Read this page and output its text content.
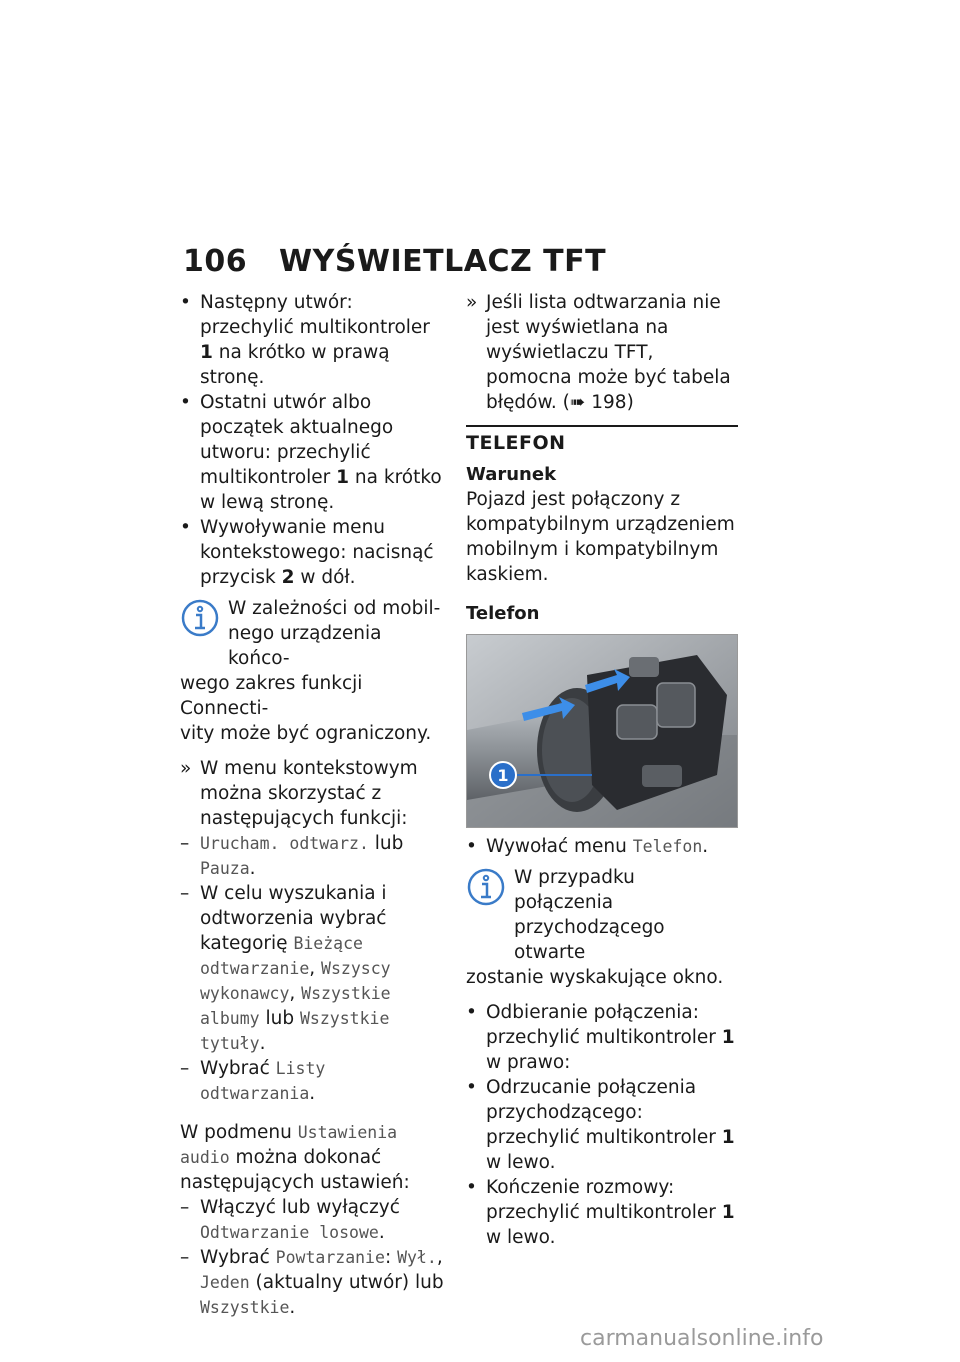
106 WYŚWIETLACZ TFT

• Następny utwór: przechylić multikontroler 1 na krótko w prawą stronę.

• Ostatni utwór albo początek aktualnego utworu: przechylić multikontroler 1 na krótko w lewą stronę.

• Wywoływanie menu kontekstowego: nacisnąć przycisk 2 w dół.

W zależności od mobil-
nego urządzenia końco-
wego zakres funkcji Connecti-
vity może być ograniczony.

» W menu kontekstowym można skorzystać z następujących funkcji:

– Urucham. odtwarz. lub Pauza.

– W celu wyszukania i odtworzenia wybrać kategorię Bieżące odtwarzanie, Wszyscy wykonawcy, Wszystkie albumy lub Wszystkie tytuły.

– Wybrać Listy odtwarzania.

W podmenu Ustawienia audio można dokonać następujących ustawień:

– Włączyć lub wyłączyć Odtwarzanie losowe.

– Wybrać Powtarzanie: Wył., Jeden (aktualny utwór) lub Wszystkie.

» Jeśli lista odtwarzania nie jest wyświetlana na wyświetlaczu TFT, pomocna może być tabela błędów. (➠ 198)

TELEFON
Warunek

Pojazd jest połączony z kompatybilnym urządzeniem mobilnym i kompatybilnym kaskiem.

Telefon
1

• Wywołać menu Telefon.

W przypadku połączenia
przychodzącego otwarte
zostanie wyskakujące okno.

• Odbieranie połączenia: przechylić multikontroler 1 w prawo:

• Odrzucanie połączenia przychodzącego: przechylić multikontroler 1 w lewo.

• Kończenie rozmowy: przechylić multikontroler 1 w lewo.

carmanualsonline.info
